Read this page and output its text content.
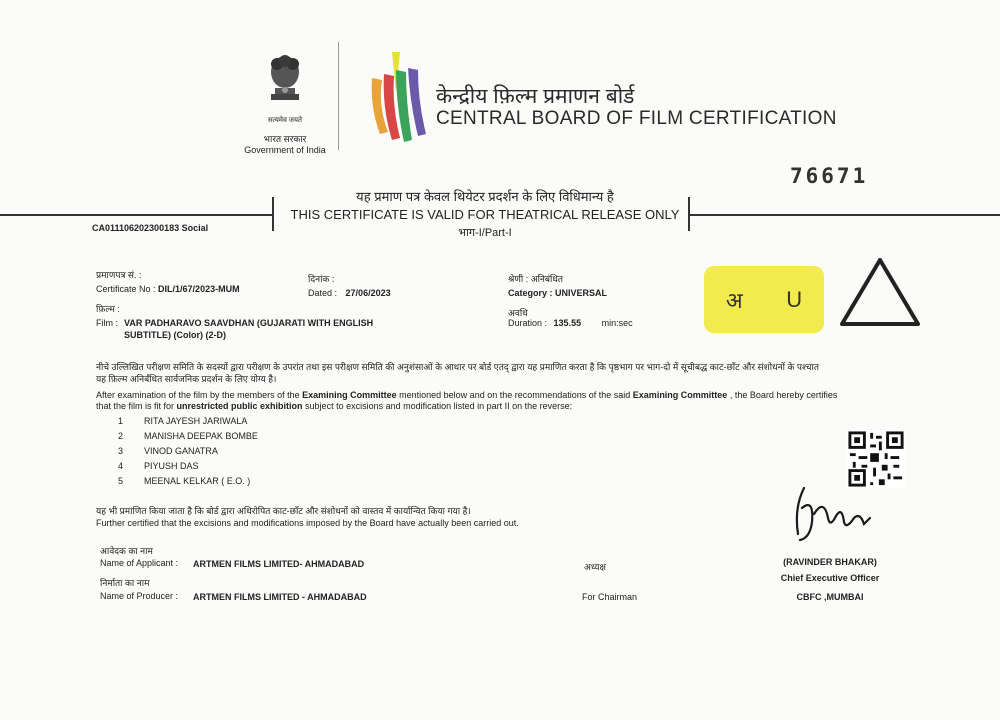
सत्यमेव जयते
भारत सरकार
Government of India
केन्द्रीय फ़िल्म प्रमाणन बोर्ड
CENTRAL BOARD OF FILM CERTIFICATION
76671
यह प्रमाण पत्र केवल थियेटर प्रदर्शन के लिए विधिमान्य है
THIS CERTIFICATE IS VALID FOR THEATRICAL RELEASE ONLY
भाग-I/Part-I
CA011106202300183 Social
प्रमाणपत्र सं. :
Certificate No : DIL/1/67/2023-MUM
दिनांक :
Dated : 27/06/2023
श्रेणी : अनिबंधित
Category : UNIVERSAL
अवधि
Duration : 135.55 min:sec
फ़िल्म :
Film : VAR PADHARAVO SAAVDHAN (GUJARATI WITH ENGLISH
SUBTITLE) (Color) (2-D)
अ U
नीचे उल्लिखित परीक्षण समिति के सदस्यों द्वारा परीक्षण के उपरांत तथा इस परीक्षण समिति की अनुशंसाओं के आधार पर बोर्ड एतद् द्वारा यह प्रमाणित करता है कि पृष्ठभाग पर भाग-दो में सूचीबद्ध काट-छाँट और संशोधनों के पश्चात
यह फ़िल्म अनिर्बंधित सार्वजनिक प्रदर्शन के लिए योग्य है।
After examination of the film by the members of the Examining Committee mentioned below and on the recommendations of the said Examining Committee , the Board hereby certifies
that the film is fit for unrestricted public exhibition subject to excisions and modification listed in part II on the reverse:
1 RITA JAYESH JARIWALA
2 MANISHA DEEPAK BOMBE
3 VINOD GANATRA
4 PIYUSH DAS
5 MEENAL KELKAR ( E.O. )
यह भी प्रमाणित किया जाता है कि बोर्ड द्वारा अधिरोपित काट-छाँट और संशोधनों को वास्तव में कार्यान्वित किया गया है।
Further certified that the excisions and modifications imposed by the Board have actually been carried out.
आवेदक का नाम
Name of Applicant : ARTMEN FILMS LIMITED- AHMADABAD
निर्माता का नाम
Name of Producer : ARTMEN FILMS LIMITED - AHMADABAD
अध्यक्ष
For Chairman
(RAVINDER BHAKAR)
Chief Executive Officer
CBFC ,MUMBAI
